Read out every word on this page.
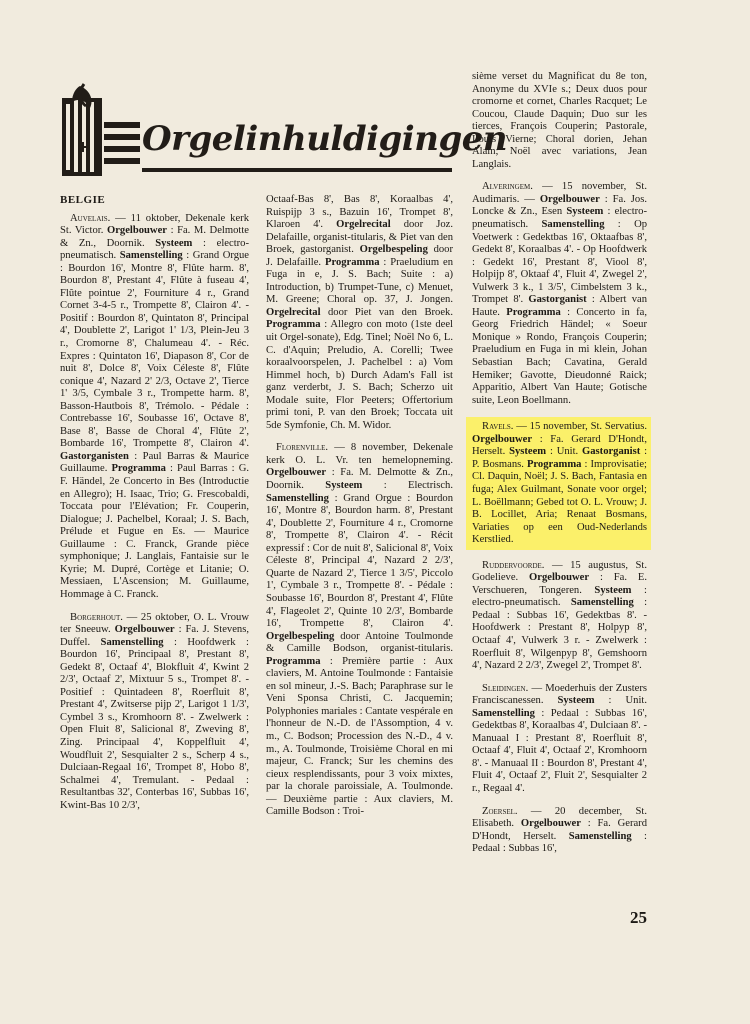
Orgelinhuldigingen
BELGIE

Auvelais. — 11 oktober, Dekenale kerk St. Victor. Orgelbouwer : Fa. M. Delmotte & Zn., Doornik. Systeem : electro-pneumatisch. Samenstelling : Grand Orgue : Bourdon 16', Montre 8', Flûte harm. 8', Bourdon 8', Prestant 4', Flûte à fuseau 4', Flûte pointue 2', Fourniture 4 r., Grand Cornet 3-4-5 r., Trompette 8', Clairon 4'. - Positif : Bourdon 8', Quintaton 8', Principal 4', Doublette 2', Larigot 1' 1/3, Plein-Jeu 3 r., Cromorne 8', Chalumeau 4'. - Réc. Expres : Quintaton 16', Diapason 8', Cor de nuit 8', Dolce 8', Voix Céleste 8', Flûte conique 4', Nazard 2' 2/3, Octave 2', Tierce 1' 3/5, Cymbale 3 r., Trompette harm. 8', Basson-Hautbois 8', Trémolo. - Pédale : Contrebasse 16', Soubasse 16', Octave 8', Base 8', Basse de Choral 4', Flûte 2', Bombarde 16', Trompette 8', Clairon 4'. Gastorganisten : Paul Barras & Maurice Guillaume. Programma : Paul Barras : G. F. Händel, 2e Concerto in Bes (Introductie en Allegro); H. Isaac, Trio; G. Frescobaldi, Toccata pour l'Elévation; Fr. Couperin, Dialogue; J. Pachelbel, Koraal; J. S. Bach, Prélude et Fugue en Es. — Maurice Guillaume : C. Franck, Grande pièce symphonique; J. Langlais, Fantaisie sur le Kyrie; M. Dupré, Cortège et Litanie; O. Messiaen, L'Ascension; M. Guillaume, Hommage à C. Franck.

Borgerhout. — 25 oktober, O. L. Vrouw ter Sneeuw. Orgelbouwer : Fa. J. Stevens, Duffel. Samenstelling : Hoofdwerk : Bourdon 16', Principaal 8', Prestant 8', Gedekt 8', Octaaf 4', Blokfluit 4', Kwint 2 2/3', Octaaf 2', Mixtuur 5 s., Trompet 8'. - Positief : Quintadeen 8', Roerfluit 8', Prestant 4', Zwitserse pijp 2', Larigot 1 1/3', Cymbel 3 s., Kromhoorn 8'. - Zwelwerk : Open Fluit 8', Salicional 8', Zweving 8', Zing. Principaal 4', Koppelfluit 4', Woudfluit 2', Sesquialter 2 s., Scherp 4 s., Dulciaan-Regaal 16', Trompet 8', Hobo 8', Schalmei 4', Tremulant. - Pedaal : Resultantbas 32', Conterbas 16', Subbas 16', Kwint-Bas 10 2/3',

Octaaf-Bas 8', Bas 8', Koraalbas 4', Ruispijp 3 s., Bazuin 16', Trompet 8', Klaroen 4'. Orgelrecital door Joz. Delafaille, organist-titularis, & Piet van den Broek, gastorganist. Orgelbespeling door J. Delafaille. Programma : Praeludium en Fuga in e, J. S. Bach; Suite : a) Introduction, b) Trumpet-Tune, c) Menuet, M. Greene; Choral op. 37, J. Jongen. Orgelrecital door Piet van den Broek. Programma : Allegro con moto (1ste deel uit Orgel-sonate), Edg. Tinel; Noël No 6, L. C. d'Aquin; Preludio, A. Corelli; Twee koraalvoorspelen, J. Pachelbel : a) Vom Himmel hoch, b) Durch Adam's Fall ist ganz verderbt, J. S. Bach; Scherzo uit Modale suite, Flor Peeters; Offertorium primi toni, P. van den Broek; Toccata uit 5de Symfonie, Ch. M. Widor.

Florenville. — 8 november, Dekenale kerk O. L. Vr. ten hemelopneming. Orgelbouwer : Fa. M. Delmotte & Zn., Doornik. Systeem : Electrisch. Samenstelling : Grand Orgue : Bourdon 16', Montre 8', Bourdon harm. 8', Prestant 4', Doublette 2', Fourniture 4 r., Cromorne 8', Trompette 8', Clairon 4'. - Récit expressif : Cor de nuit 8', Salicional 8', Voix Céleste 8', Principal 4', Nazard 2 2/3', Quarte de Nazard 2', Tierce 1 3/5', Piccolo 1', Cymbale 3 r., Trompette 8'. - Pédale : Soubasse 16', Bourdon 8', Prestant 4', Flûte 4', Flageolet 2', Quinte 10 2/3', Bombarde 16', Trompette 8', Clairon 4'. Orgelbespeling door Antoine Toulmonde & Camille Bodson, organist-titularis. Programma : Première partie : Aux claviers, M. Antoine Toulmonde : Fantaisie en sol mineur, J.-S. Bach; Paraphrase sur le Veni Sponsa Christi, C. Jacquemin; Polyphonies mariales : Cantate vespérale en l'honneur de N.-D. de l'Assomption, 4 v. m., C. Bodson; Procession des N.-D., 4 v. m., A. Toulmonde, Troisième Choral en mi majeur, C. Franck; Sur les chemins des cieux resplendissants, pour 3 voix mixtes, par la chorale paroissiale, A. Toulmonde. — Deuxième partie : Aux claviers, M. Camille Bodson : Troi-

sième verset du Magnificat du 8e ton, Anonyme du XVIe s.; Deux duos pour cromorne et cornet, Charles Racquet; Le Coucou, Claude Daquin; Duo sur les tierces, François Couperin; Pastorale, Louis Vierne; Choral dorien, Jehan Alain; Noël avec variations, Jean Langlais.

Alveringem. — 15 november, St. Audimaris. — Orgelbouwer : Fa. Jos. Loncke & Zn., Esen Systeem : electro-pneumatisch. Samenstelling : Op Voetwerk : Gedektbas 16', Oktaafbas 8', Gedekt 8', Koraalbas 4'. - Op Hoofdwerk : Gedekt 16', Prestant 8', Viool 8', Holpijp 8', Oktaaf 4', Fluit 4', Zwegel 2', Vulwerk 3 k., 1 3/5', Cimbelstem 3 k., Trompet 8'. Gastorganist : Albert van Haute. Programma : Concerto in fa, Georg Friedrich Händel; « Soeur Monique » Rondo, François Couperin; Praeludium en Fuga in mi klein, Johan Sebastian Bach; Cavatina, Gerald Hemiker; Gavotte, Dieudonné Raick; Apparitio, Albert Van Haute; Gotische suite, Leon Boellmann.

Ravels. — 15 november, St. Servatius. Orgelbouwer : Fa. Gerard D'Hondt, Herselt. Systeem : Unit. Gastorganist : P. Bosmans. Programma : Improvisatie; Cl. Daquin, Noël; J. S. Bach, Fantasia en fuga; Alex Guilmant, Sonate voor orgel; L. Boëllmann; Gebed tot O. L. Vrouw; J. B. Locillet, Aria; Renaat Bosmans, Variaties op een Oud-Nederlands Kerstlied.

Ruddervoorde. — 15 augustus, St. Godelieve. Orgelbouwer : Fa. E. Verschueren, Tongeren. Systeem : electro-pneumatisch. Samenstelling : Pedaal : Subbas 16', Gedektbas 8'. - Hoofdwerk : Prestant 8', Holpyp 8', Octaaf 4', Vulwerk 3 r. - Zwelwerk : Roerfluit 8', Wilgenpyp 8', Gemshoorn 4', Nazard 2 2/3', Zwegel 2', Trompet 8'.

Sleidingen. — Moederhuis der Zusters Franciscanessen. Systeem : Unit. Samenstelling : Pedaal : Subbas 16', Gedektbas 8', Koraalbas 4', Dulciaan 8'. - Manuaal I : Prestant 8', Roerfluit 8', Octaaf 4', Fluit 4', Octaaf 2', Kromhoorn 8'. - Manuaal II : Bourdon 8', Prestant 4', Fluit 4', Octaaf 2', Fluit 2', Sesquialter 2 r., Regaal 4'.

Zoersel. — 20 december, St. Elisabeth. Orgelbouwer : Fa. Gerard D'Hondt, Herselt. Samenstelling : Pedaal : Subbas 16',

25
